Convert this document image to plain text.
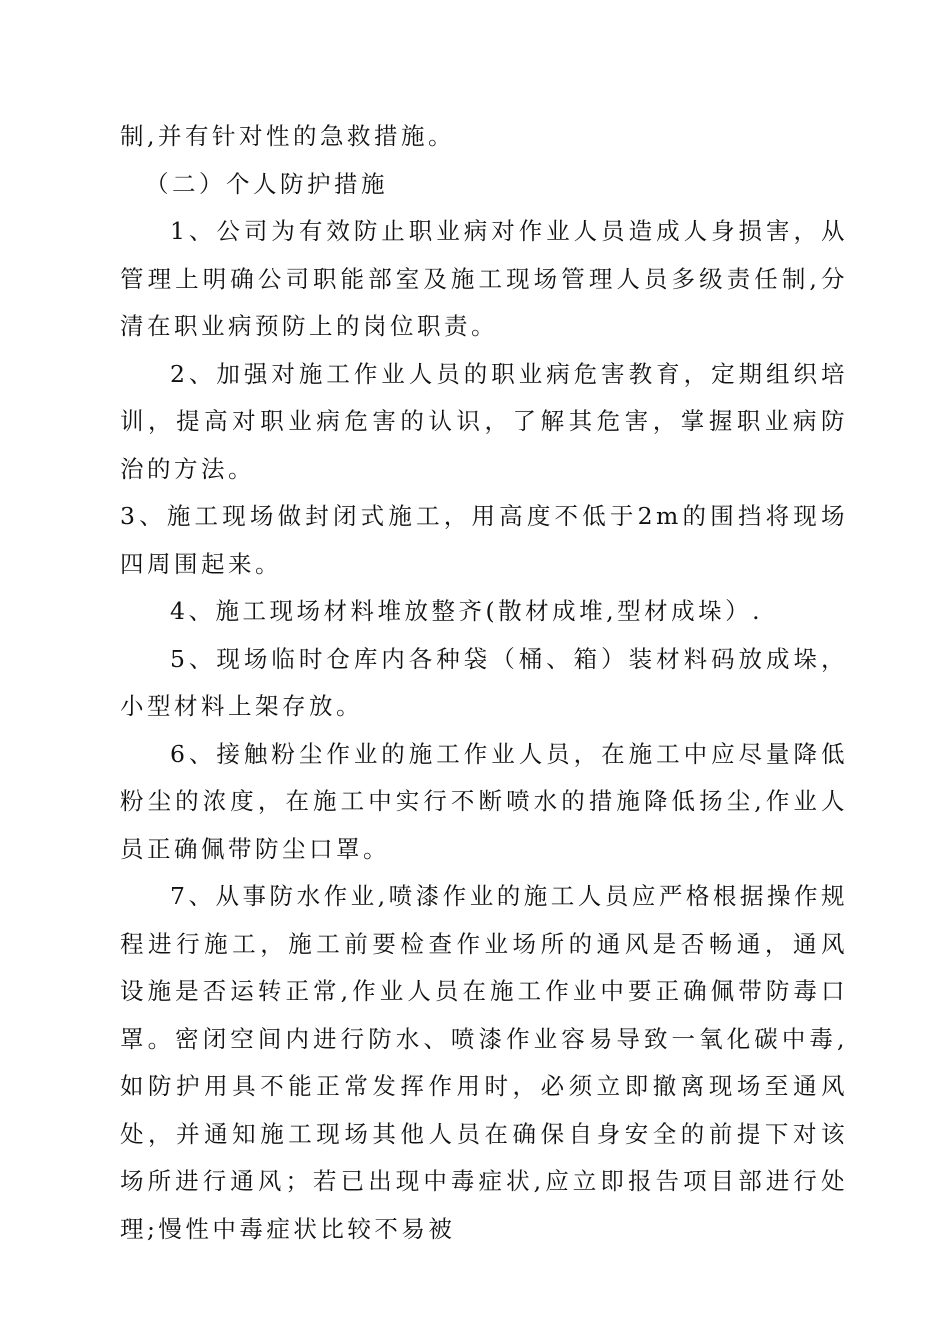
制,并有针对性的急救措施。

（二）个人防护措施

1、公司为有效防止职业病对作业人员造成人身损害，从管理上明确公司职能部室及施工现场管理人员多级责任制,分清在职业病预防上的岗位职责。

2、加强对施工作业人员的职业病危害教育，定期组织培训，提高对职业病危害的认识，了解其危害，掌握职业病防治的方法。

3、施工现场做封闭式施工，用高度不低于2m的围挡将现场四周围起来。

4、施工现场材料堆放整齐(散材成堆,型材成垛）.

5、现场临时仓库内各种袋（桶、箱）装材料码放成垛，小型材料上架存放。

6、接触粉尘作业的施工作业人员，在施工中应尽量降低粉尘的浓度，在施工中实行不断喷水的措施降低扬尘,作业人员正确佩带防尘口罩。

7、从事防水作业,喷漆作业的施工人员应严格根据操作规程进行施工，施工前要检查作业场所的通风是否畅通，通风设施是否运转正常,作业人员在施工作业中要正确佩带防毒口罩。密闭空间内进行防水、喷漆作业容易导致一氧化碳中毒,如防护用具不能正常发挥作用时，必须立即撤离现场至通风处，并通知施工现场其他人员在确保自身安全的前提下对该场所进行通风；若已出现中毒症状,应立即报告项目部进行处理;慢性中毒症状比较不易被
